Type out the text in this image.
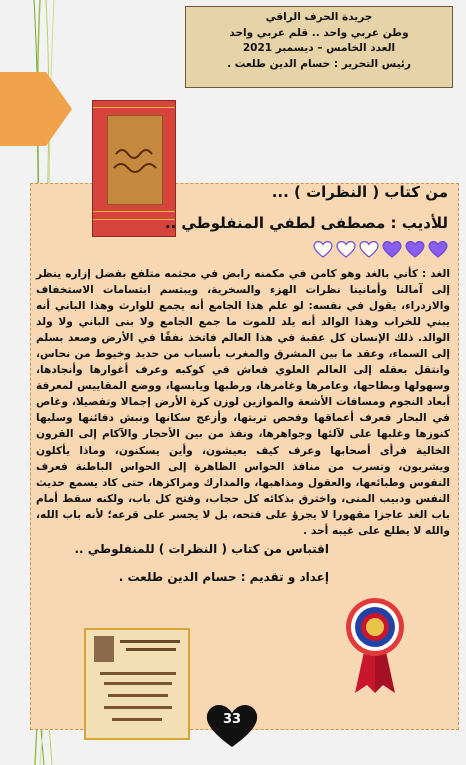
جريدة الحرف الراقي
وطن عربي واحد .. قلم عربي واحد
العدد الخامس – ديسمبر 2021
رئيس التحرير : حسام الدين طلعت .
من كتاب ( النظرات ) ...
للأديب : مصطفى لطفي المنفلوطي ..
الغد : كأني بالغد وهو كامن في مكمنه رابض في مجثمه متلفع بفضل إزاره ينظر إلى آمالنا وأمانينا نظرات الهزء والسخرية، ويبتسم ابتسامات الاستخفاف والازدراء، يقول في نفسه: لو علم هذا الجامع أنه يجمع للوارث وهذا الباني أنه يبني للخراب وهذا الوالد أنه يلد للموت ما جمع الجامع ولا بنى الباني ولا ولد الوالد. ذلك الإنسان كل عقبة في هذا العالم فاتخذ نفقًا في الأرض وصعد بسلم إلى السماء، وعقد ما بين المشرق والمغرب بأسباب من حديد وخيوط من نحاس، وانتقل بعقله إلى العالم العلوي فعاش في كوكبه وعرف أغوارها وأنجادها، وسهولها وبطاحها، وعامرها وغامرها، ورطبها ويابسها، ووضع المقاييس لمعرفة أبعاد النجوم ومسافات الأشعة والموازين لوزن كرة الأرض إجمالا وتفصيلا، وغاص في البحار فعرف أعماقها وفحص تربتها، وأزعج سكانها ونبش دفائنها وسلبها كنوزها وغلبها على لآلئها وجواهرها، ونفذ من بين الأحجار والآكام إلى القرون الخالية فرأى أصحابها وعرف كيف يعيشون، وأين يسكنون، وماذا يأكلون ويشربون، وتسرب من منافذ الحواس الظاهرة إلى الحواس الباطنة فعرف النفوس وطبائعها، والعقول ومذاهبها، والمدارك ومراكزها، حتى كاد يسمع حديث النفس ودبيب المنى، واخترق بذكائه كل حجاب، وفتح كل باب، ولكنه سقط أمام باب الغد عاجزا مقهورا لا يجرؤ على فتحه، بل لا يجسر على قرعه؛ لأنه باب الله، والله لا يطلع على غيبه أحد .
اقتباس من كتاب ( النظرات ) للمنفلوطي ..
إعداد و تقديم : حسام الدين طلعت .
33
